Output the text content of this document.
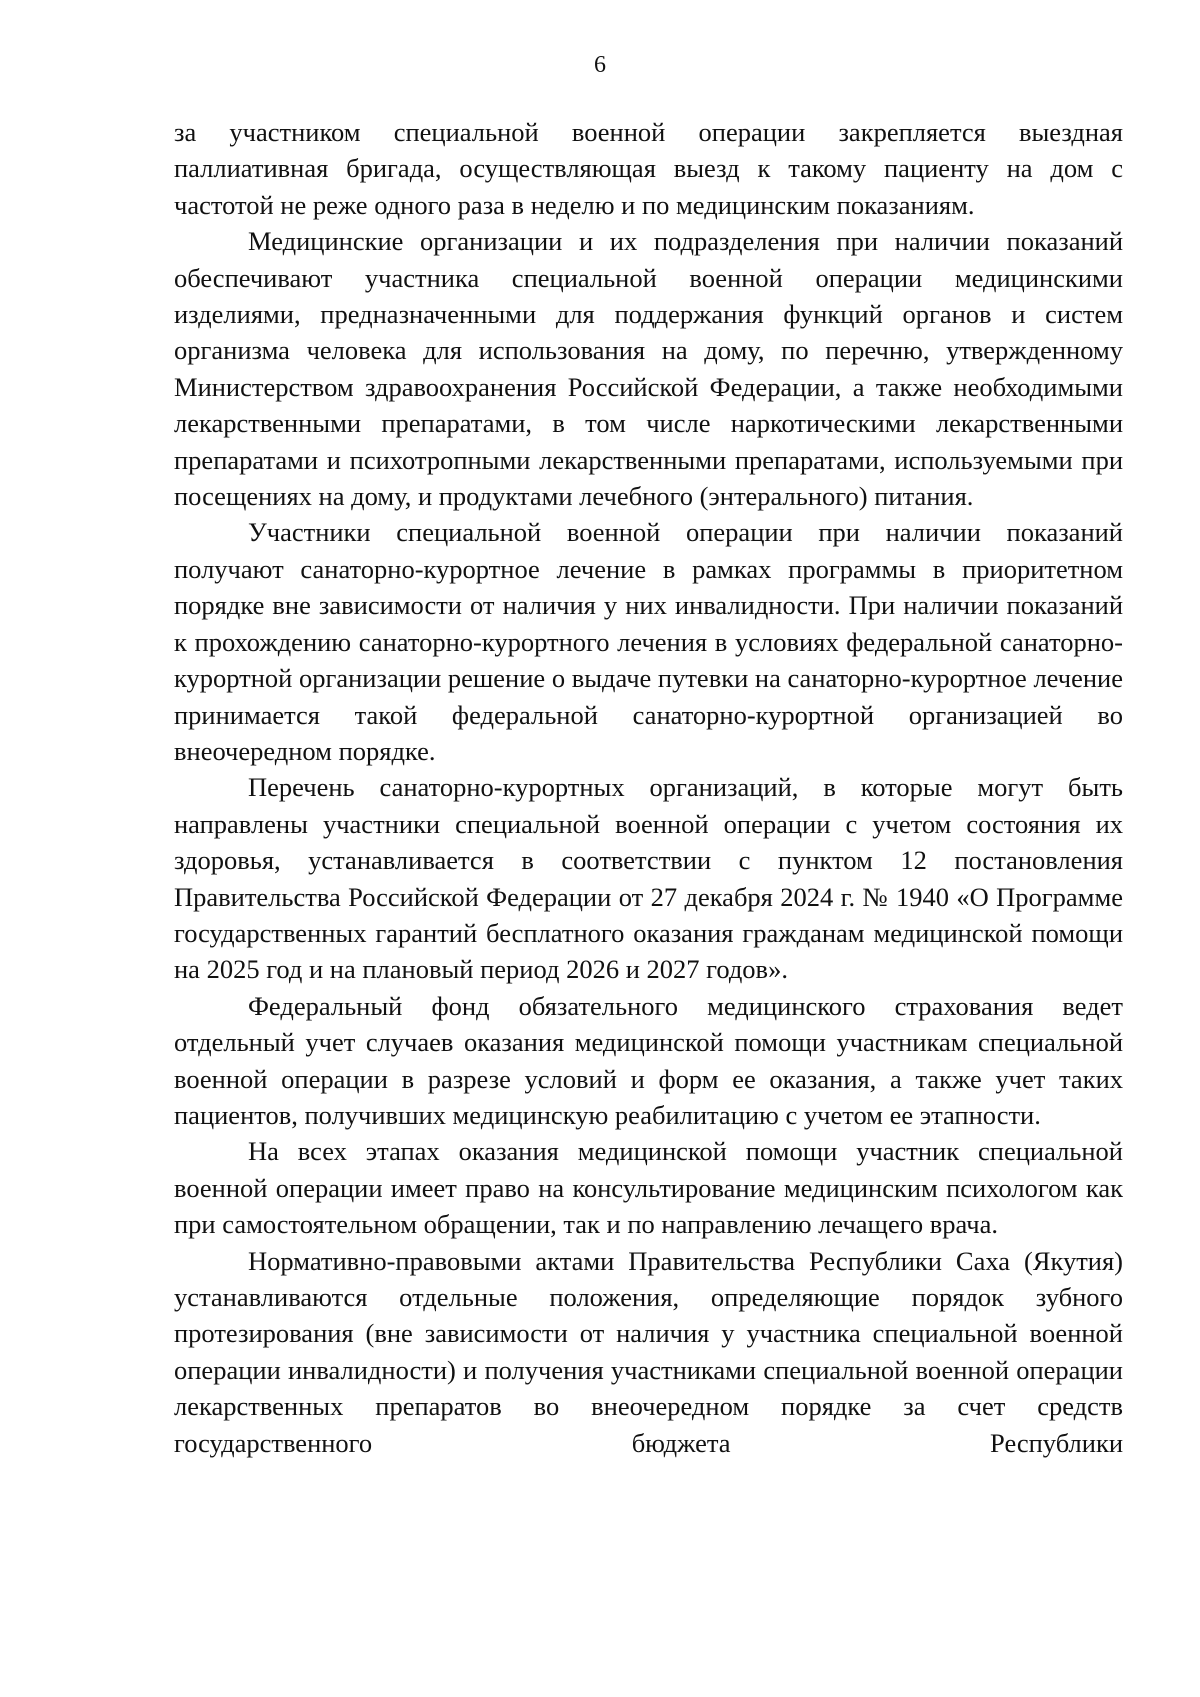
6

за участником специальной военной операции закрепляется выездная паллиативная бригада, осуществляющая выезд к такому пациенту на дом с частотой не реже одного раза в неделю и по медицинским показаниям.

Медицинские организации и их подразделения при наличии показаний обеспечивают участника специальной военной операции медицинскими изделиями, предназначенными для поддержания функций органов и систем организма человека для использования на дому, по перечню, утвержденному Министерством здравоохранения Российской Федерации, а также необходимыми лекарственными препаратами, в том числе наркотическими лекарственными препаратами и психотропными лекарственными препаратами, используемыми при посещениях на дому, и продуктами лечебного (энтерального) питания.

Участники специальной военной операции при наличии показаний получают санаторно-курортное лечение в рамках программы в приоритетном порядке вне зависимости от наличия у них инвалидности. При наличии показаний к прохождению санаторно-курортного лечения в условиях федеральной санаторно-курортной организации решение о выдаче путевки на санаторно-курортное лечение принимается такой федеральной санаторно-курортной организацией во внеочередном порядке.

Перечень санаторно-курортных организаций, в которые могут быть направлены участники специальной военной операции с учетом состояния их здоровья, устанавливается в соответствии с пунктом 12 постановления Правительства Российской Федерации от 27 декабря 2024 г. № 1940 «О Программе государственных гарантий бесплатного оказания гражданам медицинской помощи на 2025 год и на плановый период 2026 и 2027 годов».

Федеральный фонд обязательного медицинского страхования ведет отдельный учет случаев оказания медицинской помощи участникам специальной военной операции в разрезе условий и форм ее оказания, а также учет таких пациентов, получивших медицинскую реабилитацию с учетом ее этапности.

На всех этапах оказания медицинской помощи участник специальной военной операции имеет право на консультирование медицинским психологом как при самостоятельном обращении, так и по направлению лечащего врача.

Нормативно-правовыми актами Правительства Республики Саха (Якутия) устанавливаются отдельные положения, определяющие порядок зубного протезирования (вне зависимости от наличия у участника специальной военной операции инвалидности) и получения участниками специальной военной операции лекарственных препаратов во внеочередном порядке за счет средств государственного бюджета Республики
